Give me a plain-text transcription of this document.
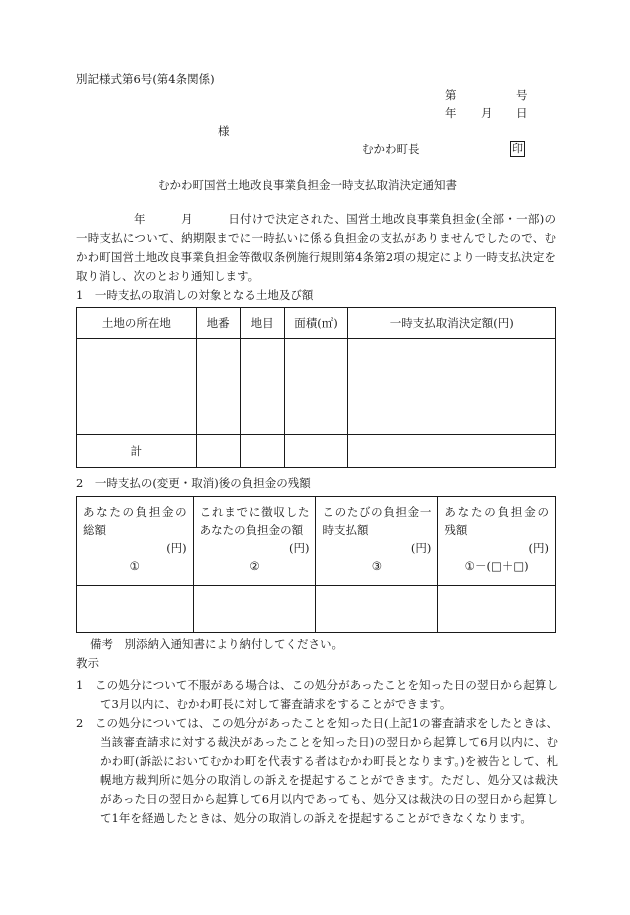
別記様式第6号(第4条関係)
第	号
年 月 日
様
むかわ町長	印
むかわ町国営土地改良事業負担金一時支払取消決定通知書
年　　　月　　　日付けで決定された、国営土地改良事業負担金(全部・一部)の一時支払について、納期限までに一時払いに係る負担金の支払がありませんでしたので、むかわ町国営土地改良事業負担金等徴収条例施行規則第4条第2項の規定により一時支払決定を取り消し、次のとおり通知します。
1　一時支払の取消しの対象となる土地及び額
土地の所在地	地番	地目	面積(㎡)	一時支払取消決定額(円)

計				
2　一時支払の(変更・取消)後の負担金の残額
あなたの負担金の
総額
(円)
①	これまでに徴収した
あなたの負担金の額
(円)
②	このたびの負担金一
時支払額
(円)
③	あなたの負担金の
残額
(円)
①－(□＋□)

備考　別添納入通知書により納付してください。
教示
1　この処分について不服がある場合は、この処分があったことを知った日の翌日から起算して3月以内に、むかわ町長に対して審査請求をすることができます。
2　この処分については、この処分があったことを知った日(上記1の審査請求をしたときは、当該審査請求に対する裁決があったことを知った日)の翌日から起算して6月以内に、むかわ町(訴訟においてむかわ町を代表する者はむかわ町長となります。)を被告として、札幌地方裁判所に処分の取消しの訴えを提起することができます。ただし、処分又は裁決があった日の翌日から起算して6月以内であっても、処分又は裁決の日の翌日から起算して1年を経過したときは、処分の取消しの訴えを提起することができなくなります。
